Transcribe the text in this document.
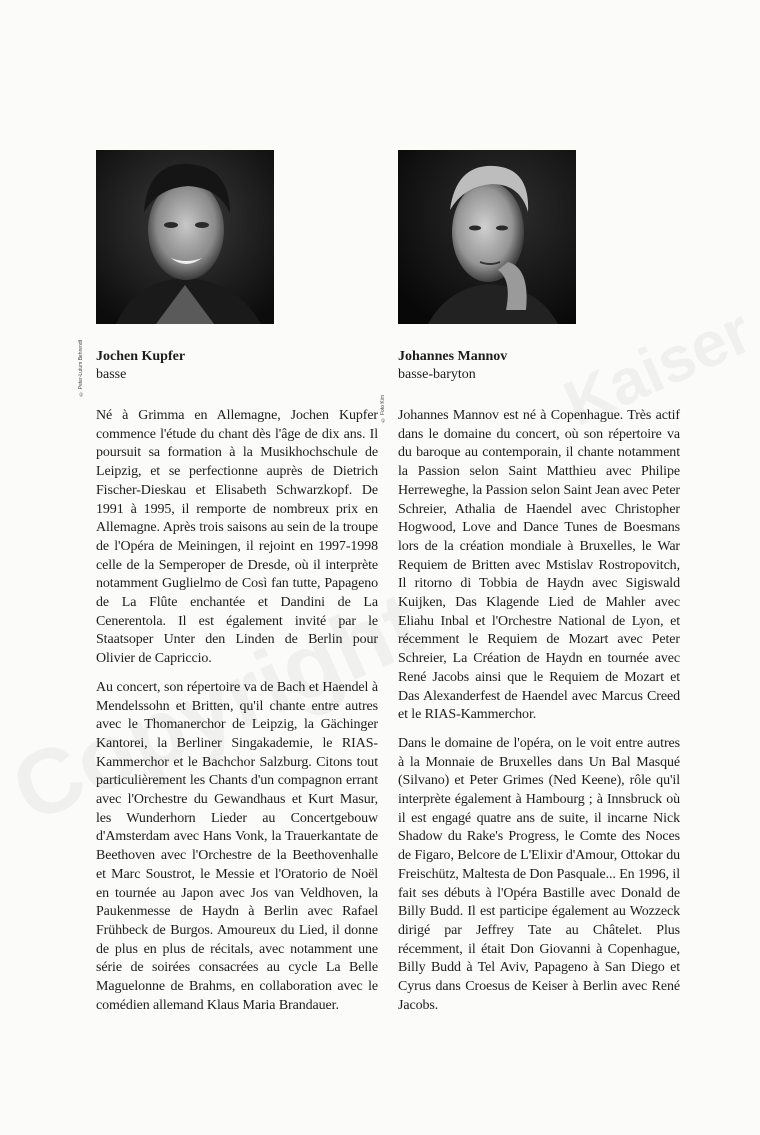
© Peter-Lutum Behrendt Jochen Kupfer
basse

Né à Grimma en Allemagne, Jochen Kupfer commence l'étude du chant dès l'âge de dix ans. Il poursuit sa formation à la Musikhochschule de Leipzig, et se perfectionne auprès de Dietrich Fischer-Dieskau et Elisabeth Schwarzkopf. De 1991 à 1995, il remporte de nombreux prix en Allemagne. Après trois saisons au sein de la troupe de l'Opéra de Meiningen, il rejoint en 1997-1998 celle de la Semperoper de Dresde, où il interprète notamment Guglielmo de Così fan tutte, Papageno de La Flûte enchantée et Dandini de La Cenerentola. Il est également invité par le Staatsoper Unter den Linden de Berlin pour Olivier de Capriccio.

Au concert, son répertoire va de Bach et Haendel à Mendelssohn et Britten, qu'il chante entre autres avec le Thomanerchor de Leipzig, la Gächinger Kantorei, la Berliner Singakademie, le RIAS-Kammerchor et le Bachchor Salzburg. Citons tout particulièrement les Chants d'un compagnon errant avec l'Orchestre du Gewandhaus et Kurt Masur, les Wunderhorn Lieder au Concertgebouw d'Amsterdam avec Hans Vonk, la Trauerkantate de Beethoven avec l'Orchestre de la Beethovenhalle et Marc Soustrot, le Messie et l'Oratorio de Noël en tournée au Japon avec Jos van Veldhoven, la Paukenmesse de Haydn à Berlin avec Rafael Frühbeck de Burgos. Amoureux du Lied, il donne de plus en plus de récitals, avec notamment une série de soirées consacrées au cycle La Belle Maguelonne de Brahms, en collaboration avec le comédien allemand Klaus Maria Brandauer.

© Foto Kim
Johannes Mannov
basse-baryton

Johannes Mannov est né à Copenhague. Très actif dans le domaine du concert, où son répertoire va du baroque au contemporain, il chante notamment la Passion selon Saint Matthieu avec Philipe Herreweghe, la Passion selon Saint Jean avec Peter Schreier, Athalia de Haendel avec Christopher Hogwood, Love and Dance Tunes de Boesmans lors de la création mondiale à Bruxelles, le War Requiem de Britten avec Mstislav Rostropovitch, Il ritorno di Tobbia de Haydn avec Sigiswald Kuijken, Das Klagende Lied de Mahler avec Eliahu Inbal et l'Orchestre National de Lyon, et récemment le Requiem de Mozart avec Peter Schreier, La Création de Haydn en tournée avec René Jacobs ainsi que le Requiem de Mozart et Das Alexanderfest de Haendel avec Marcus Creed et le RIAS-Kammerchor.

Dans le domaine de l'opéra, on le voit entre autres à la Monnaie de Bruxelles dans Un Bal Masqué (Silvano) et Peter Grimes (Ned Keene), rôle qu'il interprète également à Hambourg ; à Innsbruck où il est engagé quatre ans de suite, il incarne Nick Shadow du Rake's Progress, le Comte des Noces de Figaro, Belcore de L'Elixir d'Amour, Ottokar du Freischütz, Maltesta de Don Pasquale... En 1996, il fait ses débuts à l'Opéra Bastille avec Donald de Billy Budd. Il est participe également au Wozzeck dirigé par Jeffrey Tate au Châtelet. Plus récemment, il était Don Giovanni à Copenhague, Billy Budd à Tel Aviv, Papageno à San Diego et Cyrus dans Croesus de Keiser à Berlin avec René Jacobs.
